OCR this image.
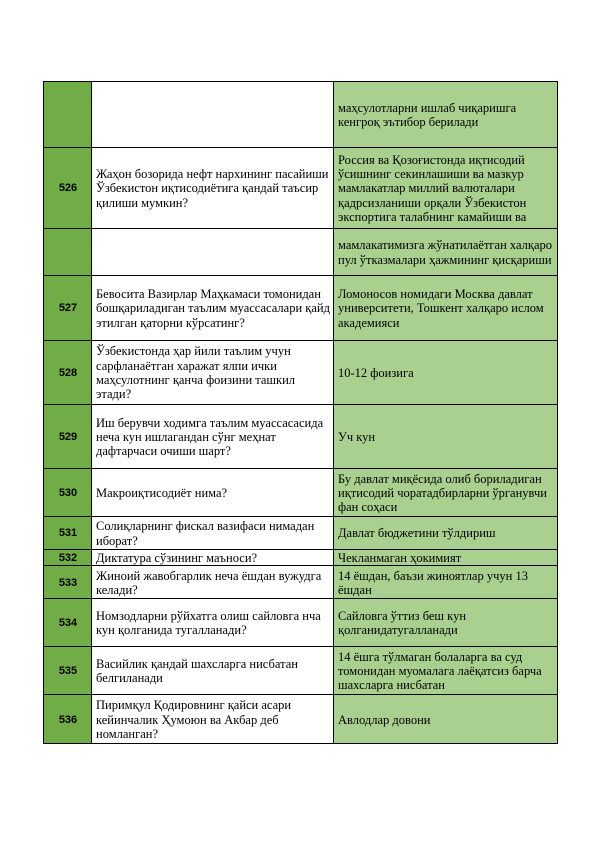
		маҳсулотларни ишлаб чиқаришга кенгроқ эътибор берилади
526	Жаҳон бозорида нефт нархининг пасайиши Ўзбекистон иқтисодиётига қандай таъсир қилиши мумкин?	Россия ва Қозоғистонда иқтисодий ўсишнинг секинлашиши ва мазкур мамлакатлар миллий валюталари қадрсизланиши орқали Ўзбекистон экспортига талабнинг камайиши ва
		мамлакатимизга жўнатилаётган халқаро пул ўтказмалари ҳажмининг қисқариши
527	Бевосита Вазирлар Маҳкамаси томонидан бошқариладиган таълим муассасалари қайд этилган қаторни кўрсатинг?	Ломоносов номидаги Москва давлат университети, Тошкент халқаро ислом академияси
528	Ўзбекистонда ҳар йили таълим учун сарфланаётган харажат ялпи ички маҳсулотнинг қанча фоизини ташкил этади?	10-12 фоизига
529	Иш берувчи ходимга таълим муассасасида неча кун ишлагандан сўнг меҳнат дафтарчаси очиши шарт?	Уч кун
530	Макроиқтисодиёт нима?	Бу давлат миқёсида олиб бориладиган иқтисодий чоратадбирларни ўрганувчи фан соҳаси
531	Солиқларнинг фискал вазифаси нимадан иборат?	Давлат бюджетини тўлдириш
532	Диктатура сўзининг маъноси?	Чекланмаган ҳокимият
533	Жиноий жавобгарлик неча ёшдан вужудга келади?	14 ёшдан, баъзи жиноятлар учун 13 ёшдан
534	Номзодларни рўйхатга олиш сайловга нча кун қолганида тугалланади?	Сайловга ўттиз беш кун қолганидатугалланади
535	Васийлик қандай шахсларга нисбатан белгиланади	14 ёшга тўлмаган болаларга ва суд томонидан муомалага лаёқатсиз барча шахсларга нисбатан
536	Пиримқул Қодировнинг қайси асари кейинчалик Ҳумоюн ва Акбар деб номланган?	Авлодлар довони
